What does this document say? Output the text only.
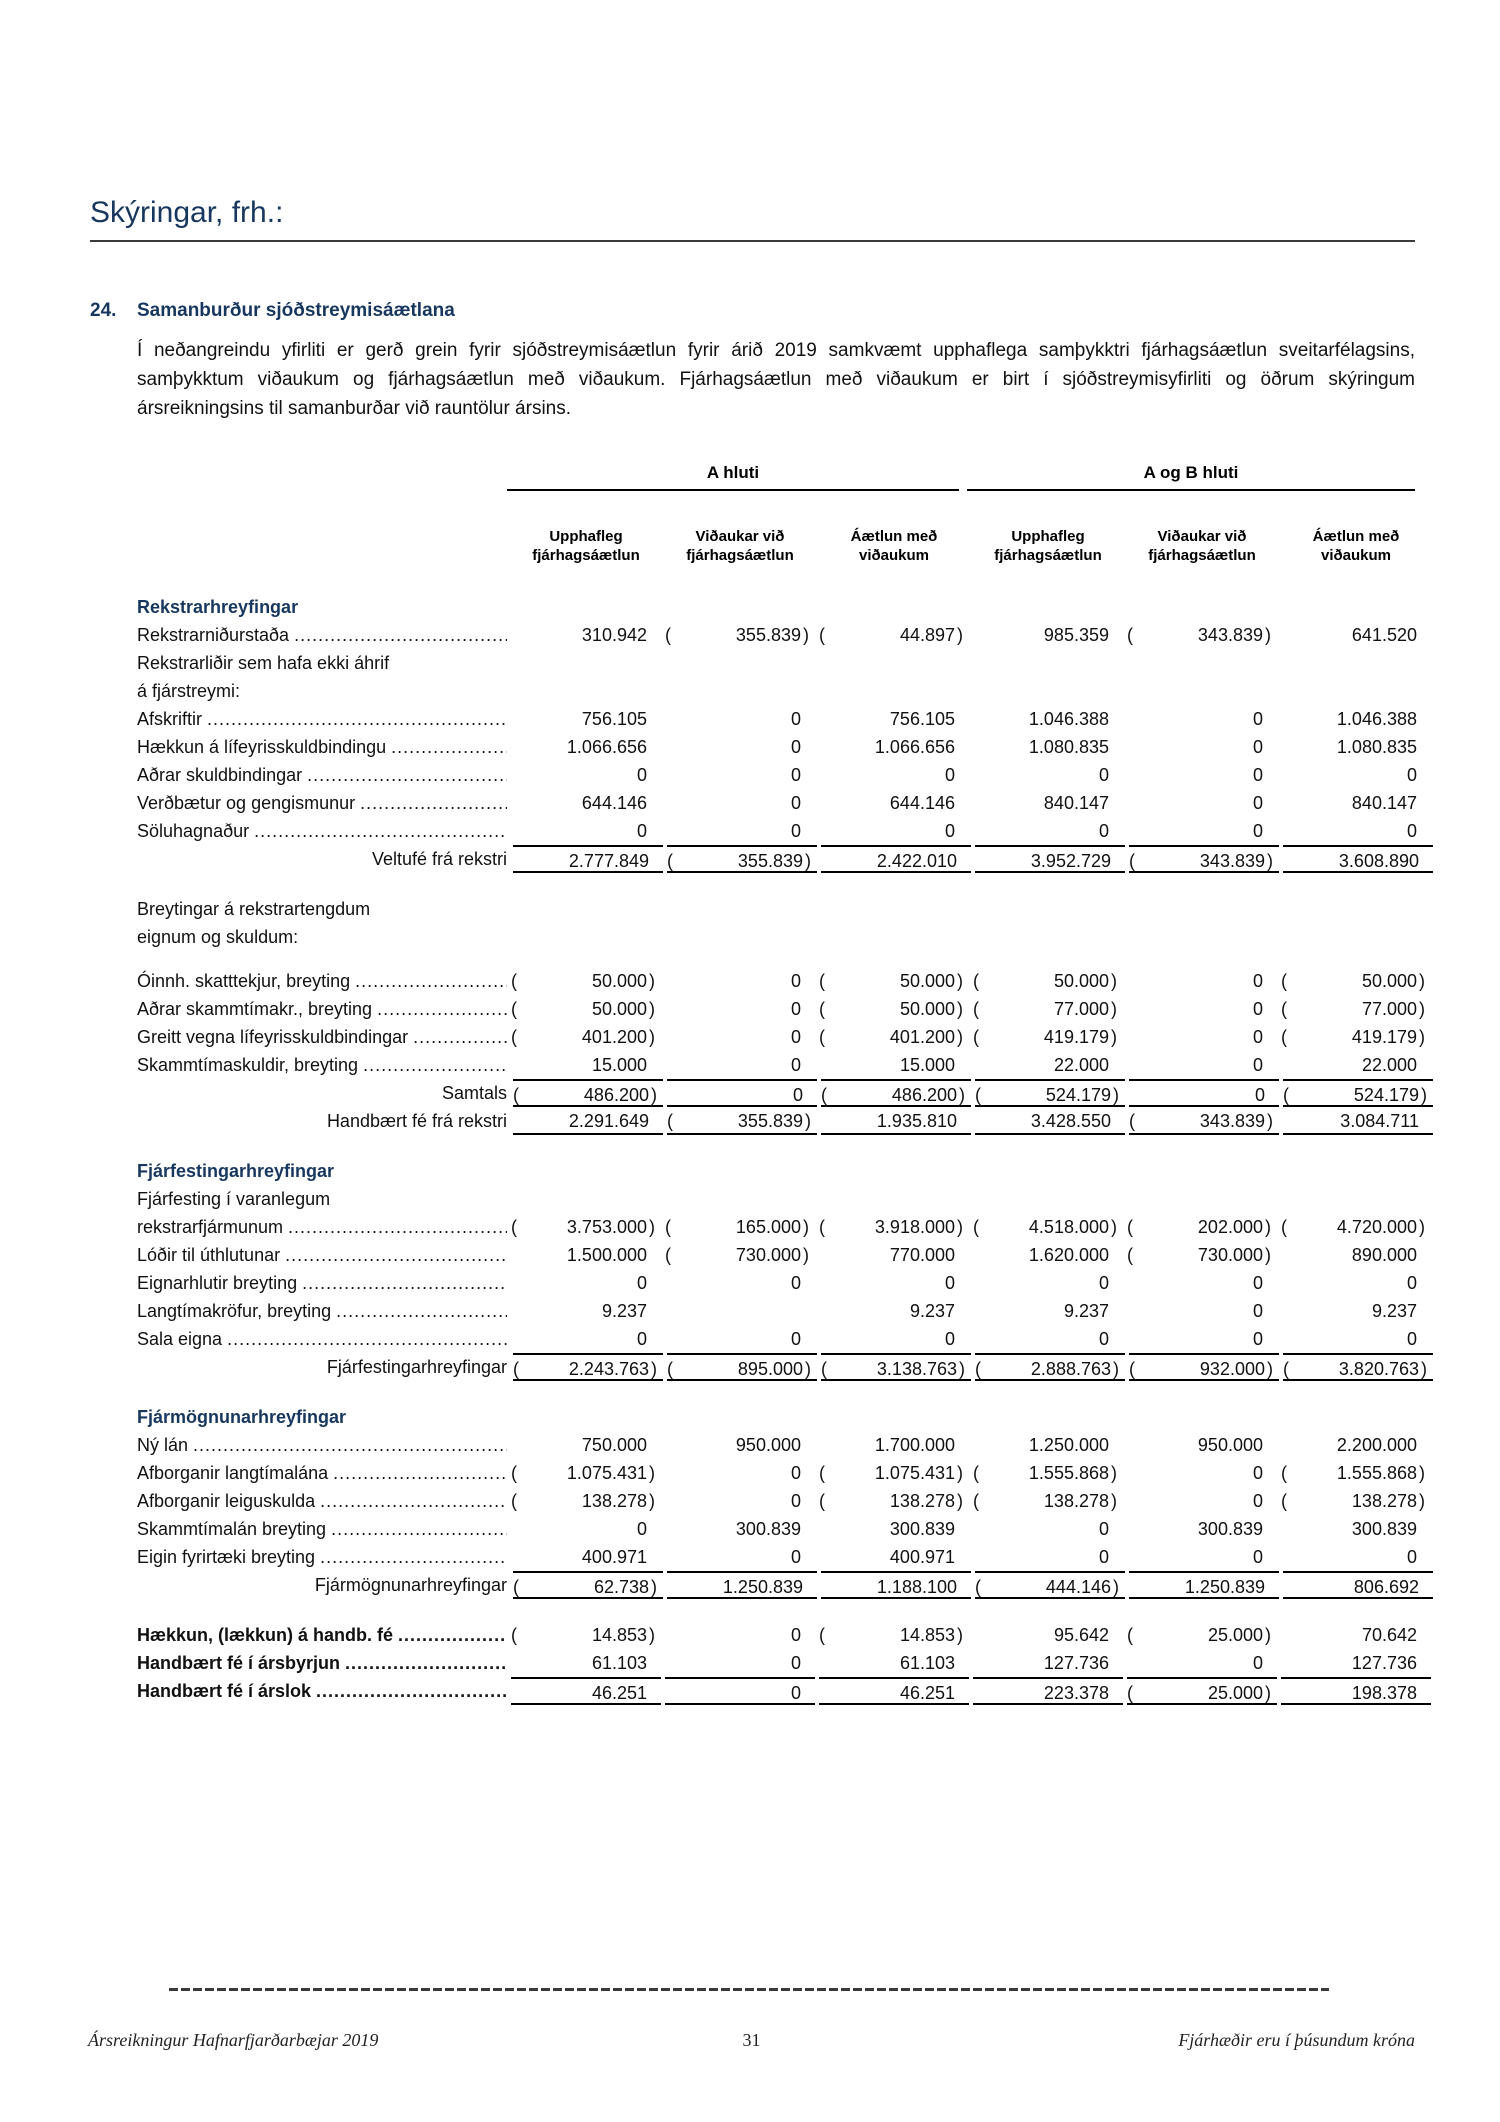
Skýringar, frh.:
24.	Samanburður sjóðstreymisáætlana

Í neðangreindu yfirliti er gerð grein fyrir sjóðstreymisáætlun fyrir árið 2019 samkvæmt upphaflega samþykktri fjárhagsáætlun sveitarfélagsins, samþykktum viðaukum og fjárhagsáætlun með viðaukum. Fjárhagsáætlun með viðaukum er birt í sjóðstreymisyfirliti og öðrum skýringum ársreikningsins til samanburðar við rauntölur ársins.

A hluti	A og B hluti
Upphafleg
fjárhagsáætlun
Viðaukar við
fjárhagsáætlun
Áætlun með
viðaukum
Upphafleg
fjárhagsáætlun
Viðaukar við
fjárhagsáætlun
Áætlun með
viðaukum
Rekstrarhreyfingar
Rekstrarniðurstaða .....	310.942 (	355.839 ) (	44.897 )	985.359 (	343.839 )	641.520
Rekstrarliðir sem hafa ekki áhrif
á fjárstreymi:
Afskriftir .....	756.105	0	756.105	1.046.388	0	1.046.388
Hækkun á lífeyrisskuldbindingu .....	1.066.656	0	1.066.656	1.080.835	0	1.080.835
Aðrar skuldbindingar .....	0	0	0	0	0	0
Verðbætur og gengismunur .....	644.146	0	644.146	840.147	0	840.147
Söluhagnaður .....	0	0	0	0	0	0
Veltufé frá rekstri	2.777.849 (	355.839 )	2.422.010	3.952.729 (	343.839 )	3.608.890
Breytingar á rekstrartengdum
eignum og skuldum:
Óinnh. skatttekjur, breyting .....	(	50.000 )	0 (	50.000 ) (	50.000 )	0 (	50.000 )
Aðrar skammtímakr., breyting .....	(	50.000 )	0 (	50.000 ) (	77.000 )	0 (	77.000 )
Greitt vegna lífeyrisskuldbindingar .....	(	401.200 )	0 (	401.200 ) (	419.179 )	0 (	419.179 )
Skammtímaskuldir, breyting .....	15.000	0	15.000	22.000	0	22.000
Samtals (	486.200 )	0 (	486.200 ) (	524.179 )	0 (	524.179 )
Handbært fé frá rekstri	2.291.649 (	355.839 )	1.935.810	3.428.550 (	343.839 )	3.084.711
Fjárfestingarhreyfingar
Fjárfesting í varanlegum
rekstrarfjármunum .....	(	3.753.000 ) (	165.000 ) (	3.918.000 ) (	4.518.000 ) (	202.000 ) (	4.720.000 )
Lóðir til úthlutunar .....	1.500.000 (	730.000 )	770.000	1.620.000 (	730.000 )	890.000
Eignarhlutir breyting .....	0	0	0	0	0	0
Langtímakröfur, breyting .....	9.237	9.237	9.237	0	9.237
Sala eigna .....	0	0	0	0	0	0
Fjárfestingarhreyfingar (	2.243.763 ) (	895.000 ) (	3.138.763 ) (	2.888.763 ) (	932.000 ) (	3.820.763 )
Fjármögnunarhreyfingar
Ný lán .....	750.000	950.000	1.700.000	1.250.000	950.000	2.200.000
Afborganir langtímalána .....	(	1.075.431 )	0 (	1.075.431 ) (	1.555.868 )	0 (	1.555.868 )
Afborganir leiguskulda .....	(	138.278 )	0 (	138.278 ) (	138.278 )	0 (	138.278 )
Skammtímalán breyting .....	0	300.839	300.839	0	300.839	300.839
Eigin fyrirtæki breyting .....	400.971	0	400.971	0	0	0
Fjármögnunarhreyfingar (	62.738 )	1.250.839	1.188.100 (	444.146 )	1.250.839	806.692
Hækkun, (lækkun) á handb. fé .....	(	14.853 )	0 (	14.853 )	95.642 (	25.000 )	70.642
Handbært fé í ársbyrjun .....	61.103	0	61.103	127.736	0	127.736
Handbært fé í árslok .....	46.251	0	46.251	223.378 (	25.000 )	198.378
Ársreikningur Hafnarfjarðarbæjar 2019	31	Fjárhæðir eru í þúsundum króna
